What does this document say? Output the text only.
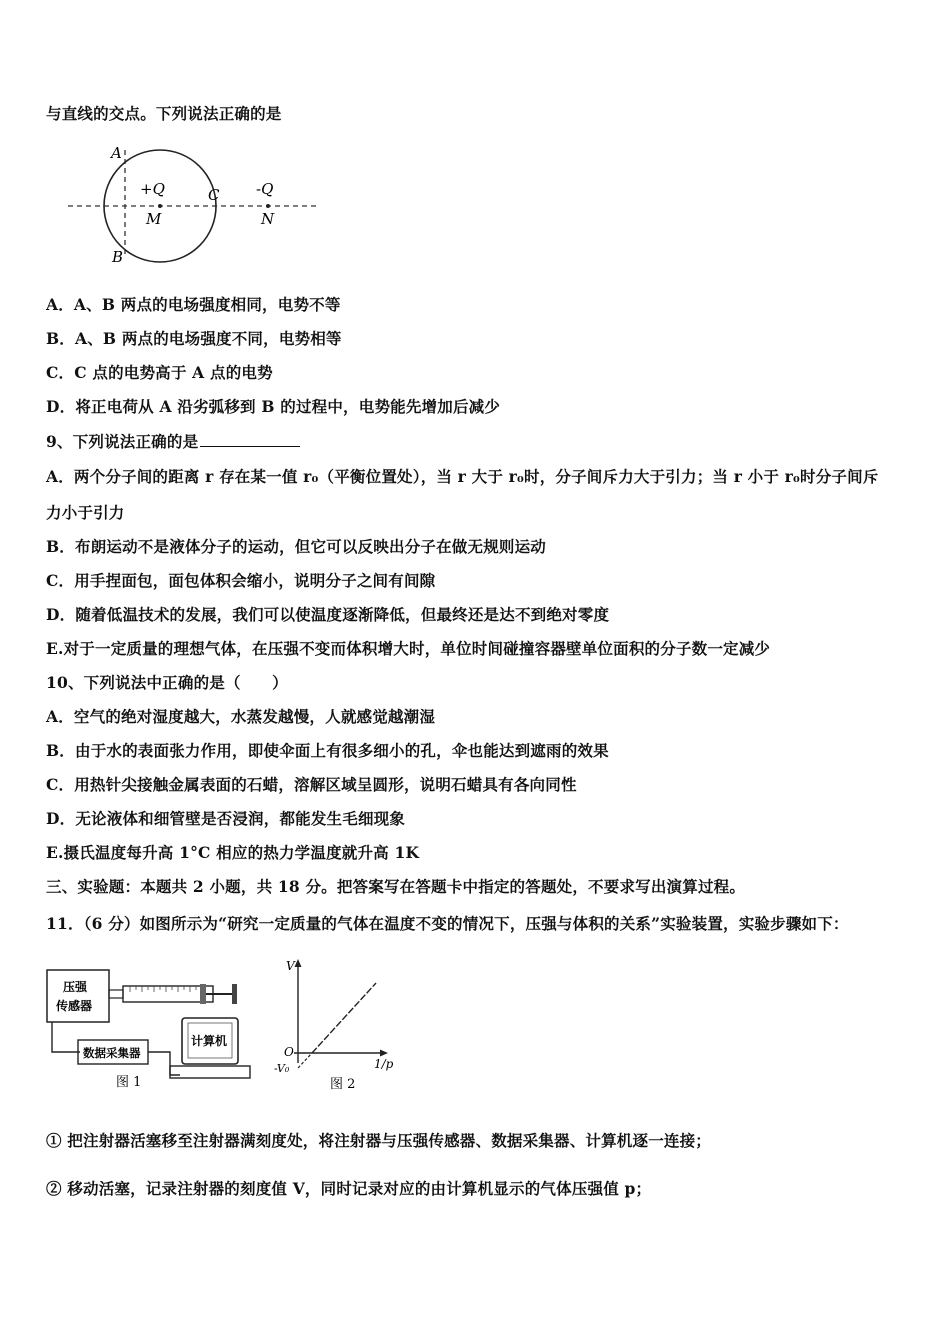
与直线的交点。下列说法正确的是
A
B
C
+Q
M
-Q
N
A．A、B 两点的电场强度相同，电势不等
B．A、B 两点的电场强度不同，电势相等
C．C 点的电势高于 A 点的电势
D．将正电荷从 A 沿劣弧移到 B 的过程中，电势能先增加后减少
9、下列说法正确的是
A．两个分子间的距离 r 存在某一值 r₀（平衡位置处），当 r 大于 r₀时，分子间斥力大于引力；当 r 小于 r₀时分子间斥
力小于引力
B．布朗运动不是液体分子的运动，但它可以反映出分子在做无规则运动
C．用手捏面包，面包体积会缩小，说明分子之间有间隙
D．随着低温技术的发展，我们可以使温度逐渐降低，但最终还是达不到绝对零度
E.对于一定质量的理想气体，在压强不变而体积增大时，单位时间碰撞容器壁单位面积的分子数一定减少
10、下列说法中正确的是（　　）
A．空气的绝对湿度越大，水蒸发越慢，人就感觉越潮湿
B．由于水的表面张力作用，即使伞面上有很多细小的孔，伞也能达到遮雨的效果
C．用热针尖接触金属表面的石蜡，溶解区域呈圆形，说明石蜡具有各向同性
D．无论液体和细管壁是否浸润，都能发生毛细现象
E.摄氏温度每升高 1°C 相应的热力学温度就升高 1K
三、实验题：本题共 2 小题，共 18 分。把答案写在答题卡中指定的答题处，不要求写出演算过程。
11．（6 分）如图所示为“研究一定质量的气体在温度不变的情况下，压强与体积的关系”实验装置，实验步骤如下：
压强
传感器
数据采集器
计算机
图 1
V
O
-V₀	1/p
图 2
① 把注射器活塞移至注射器满刻度处，将注射器与压强传感器、数据采集器、计算机逐一连接；
② 移动活塞，记录注射器的刻度值 V，同时记录对应的由计算机显示的气体压强值 p；
